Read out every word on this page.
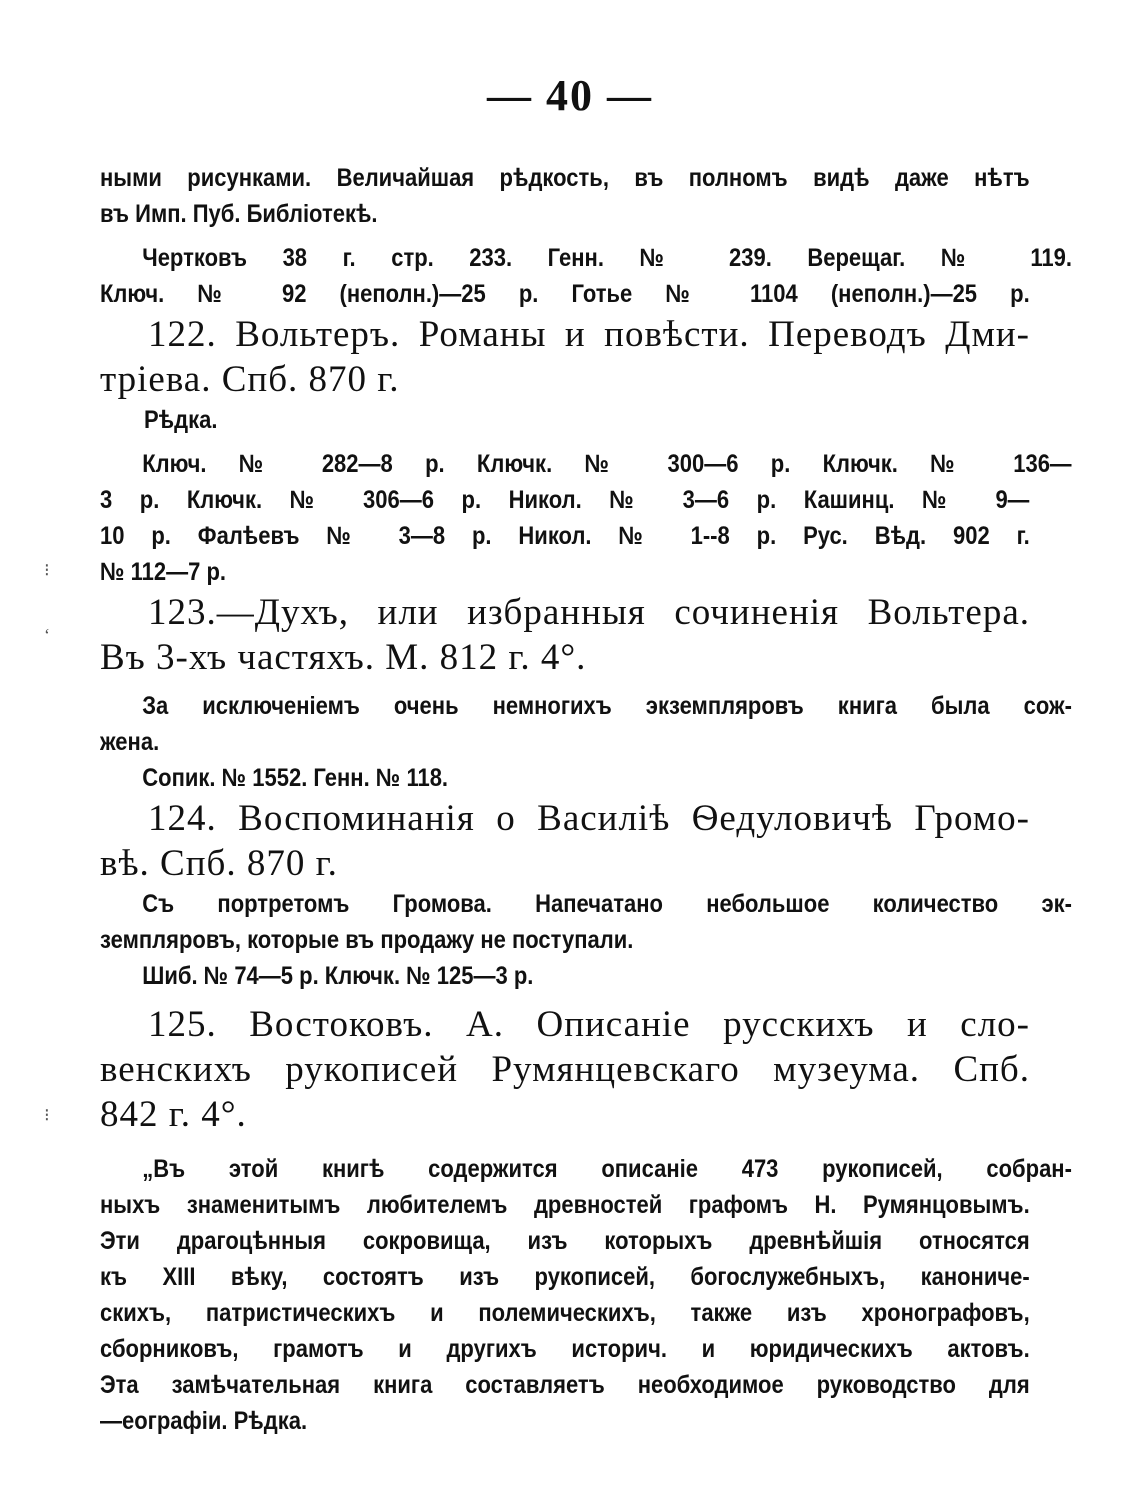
— 40 —
ными рисунками. Величайшая рѣдкость, въ полномъ видѣ даже нѣтъ
въ Имп. Пуб. Библіотекѣ.
Чертковъ 38 г. стр. 233. Генн. № 239. Верещаг. № 119.
Ключ. № 92 (неполн.)—25 р. Готье № 1104 (неполн.)—25 р.
122. Вольтеръ. Романы и повѣсти. Переводъ Дми-
тріева. Спб. 870 г.
Рѣдка.
Ключ. № 282—8 р. Ключк. № 300—6 р. Ключк. № 136—
3 р. Ключк. № 306—6 р. Никол. № 3—6 р. Кашинц. № 9—
10 р. Фалѣевъ № 3—8 р. Никол. № 1--8 р. Рус. Вѣд. 902 г.
№ 112—7 р.
123.—Духъ, или избранныя сочиненія Вольтера.
Въ 3-хъ частяхъ. М. 812 г. 4°.
За исключеніемъ очень немногихъ экземпляровъ книга была сож-
жена.
Сопик. № 1552. Генн. № 118.
124. Воспоминанія о Василіѣ Ѳедуловичѣ Громо-
вѣ. Спб. 870 г.
Съ портретомъ Громова. Напечатано небольшое количество эк-
земпляровъ, которые въ продажу не поступали.
Шиб. № 74—5 р. Ключк. № 125—3 р.
125. Востоковъ. А. Описаніе русскихъ и сло-
венскихъ рукописей Румянцевскаго музеума. Спб.
842 г. 4°.
„Въ этой книгѣ содержится описаніе 473 рукописей, собран-
ныхъ знаменитымъ любителемъ древностей графомъ Н. Румянцовымъ.
Эти драгоцѣнныя сокровища, изъ которыхъ древнѣйшія относятся
къ XIII вѣку, состоятъ изъ рукописей, богослужебныхъ, канониче-
скихъ, патристическихъ и полемическихъ, также изъ хронографовъ,
сборниковъ, грамотъ и другихъ историч. и юридическихъ актовъ.
Эта замѣчательная книга составляетъ необходимое руководство для
—еографіи. Рѣдка.
⁝
‘
⁝
